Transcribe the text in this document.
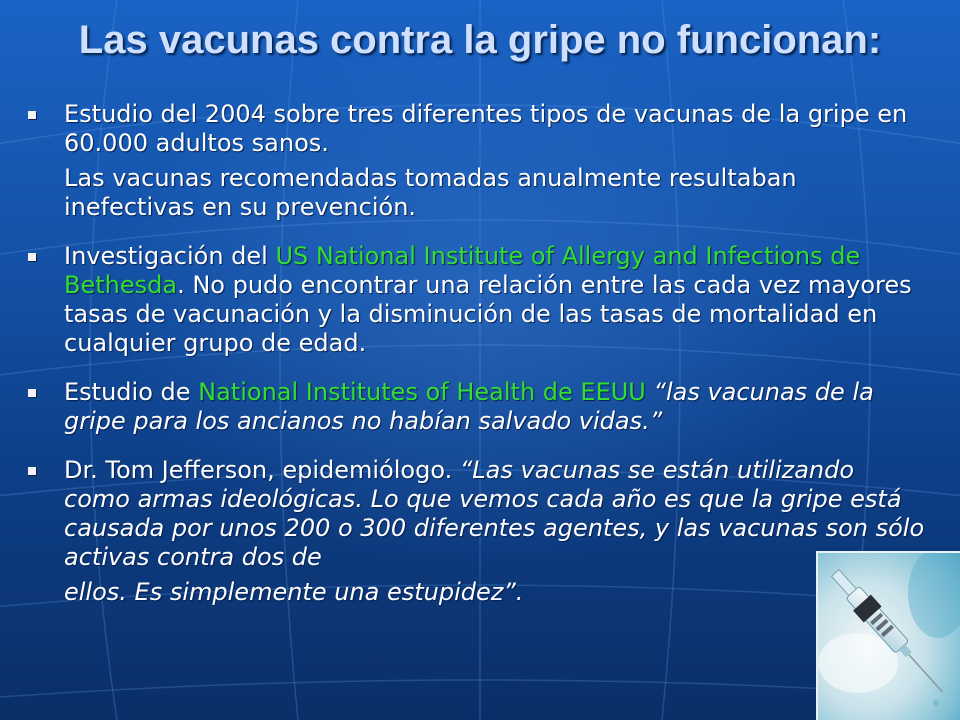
Las vacunas contra la gripe no funcionan:

Estudio del 2004 sobre tres diferentes tipos de vacunas de la gripe en 60.000 adultos sanos.

Las vacunas recomendadas tomadas anualmente resultaban inefectivas en su prevención.

Investigación del US National Institute of Allergy and Infections de Bethesda. No pudo encontrar una relación entre las cada vez mayores tasas de vacunación y la disminución de las tasas de mortalidad en cualquier grupo de edad.

Estudio de National Institutes of Health de EEUU “las vacunas de la gripe para los ancianos no habían salvado vidas.”

Dr. Tom Jefferson, epidemiólogo. “Las vacunas se están utilizando como armas ideológicas. Lo que vemos cada año es que la gripe está causada por unos 200 o 300 diferentes agentes, y las vacunas son sólo activas contra dos de

ellos. Es simplemente una estupidez”.
